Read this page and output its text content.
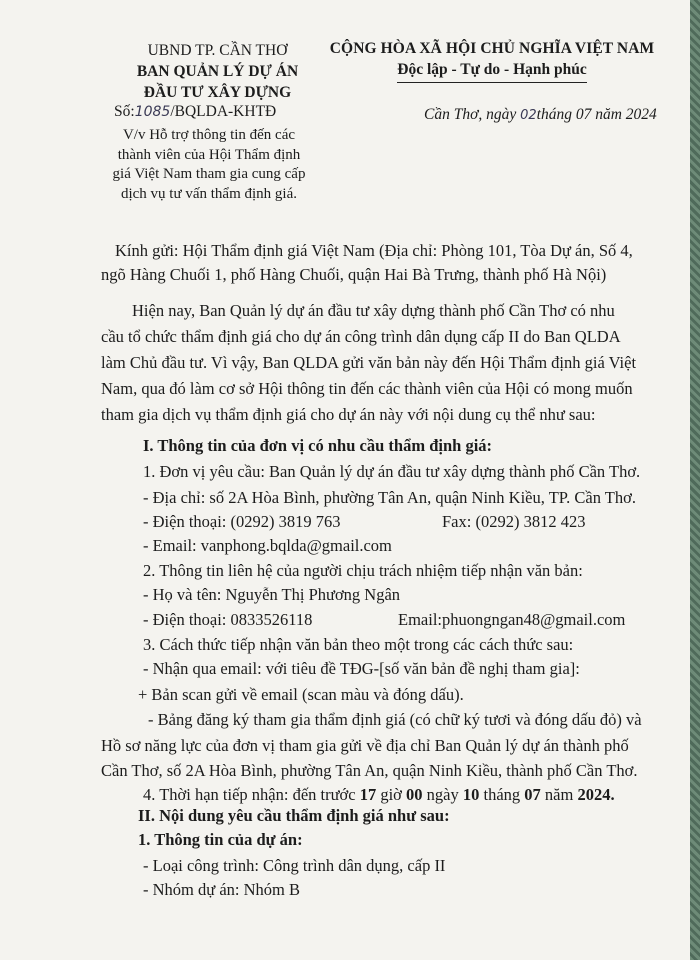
UBND TP. CẦN THƠ
BAN QUẢN LÝ DỰ ÁN
ĐẦU TƯ XÂY DỰNG
Số:1085/BQLDA-KHTĐ
V/v Hỗ trợ thông tin đến các
thành viên của Hội Thẩm định
giá Việt Nam tham gia cung cấp
dịch vụ tư vấn thẩm định giá.
CỘNG HÒA XÃ HỘI CHỦ NGHĨA VIỆT NAM
Độc lập - Tự do - Hạnh phúc
Cần Thơ, ngày 02tháng 07 năm 2024
Kính gửi: Hội Thẩm định giá Việt Nam (Địa chỉ: Phòng 101, Tòa Dự án, Số 4,
ngõ Hàng Chuối 1, phố Hàng Chuối, quận Hai Bà Trưng, thành phố Hà Nội)
Hiện nay, Ban Quản lý dự án đầu tư xây dựng thành phố Cần Thơ có nhu
cầu tổ chức thẩm định giá cho dự án công trình dân dụng cấp II do Ban QLDA
làm Chủ đầu tư. Vì vậy, Ban QLDA gửi văn bản này đến Hội Thẩm định giá Việt
Nam, qua đó làm cơ sở Hội thông tin đến các thành viên của Hội có mong muốn
tham gia dịch vụ thẩm định giá cho dự án này với nội dung cụ thể như sau:
I. Thông tin của đơn vị có nhu cầu thẩm định giá:
1. Đơn vị yêu cầu: Ban Quản lý dự án đầu tư xây dựng thành phố Cần Thơ.
- Địa chỉ: số 2A Hòa Bình, phường Tân An, quận Ninh Kiều, TP. Cần Thơ.
- Điện thoại: (0292) 3819 763	Fax: (0292) 3812 423
- Email: vanphong.bqlda@gmail.com
2. Thông tin liên hệ của người chịu trách nhiệm tiếp nhận văn bản:
- Họ và tên: Nguyễn Thị Phương Ngân
- Điện thoại: 0833526118	Email:phuongngan48@gmail.com
3. Cách thức tiếp nhận văn bản theo một trong các cách thức sau:
- Nhận qua email: với tiêu đề TĐG-[số văn bản đề nghị tham gia]:
+ Bản scan gửi về email (scan màu và đóng dấu).
- Bảng đăng ký tham gia thẩm định giá (có chữ ký tươi và đóng dấu đỏ) và
Hồ sơ năng lực của đơn vị tham gia gửi về địa chỉ Ban Quản lý dự án thành phố
Cần Thơ, số 2A Hòa Bình, phường Tân An, quận Ninh Kiều, thành phố Cần Thơ.
4. Thời hạn tiếp nhận: đến trước 17 giờ 00 ngày 10 tháng 07 năm 2024.
II. Nội dung yêu cầu thẩm định giá như sau:
1. Thông tin của dự án:
- Loại công trình: Công trình dân dụng, cấp II
- Nhóm dự án: Nhóm B
